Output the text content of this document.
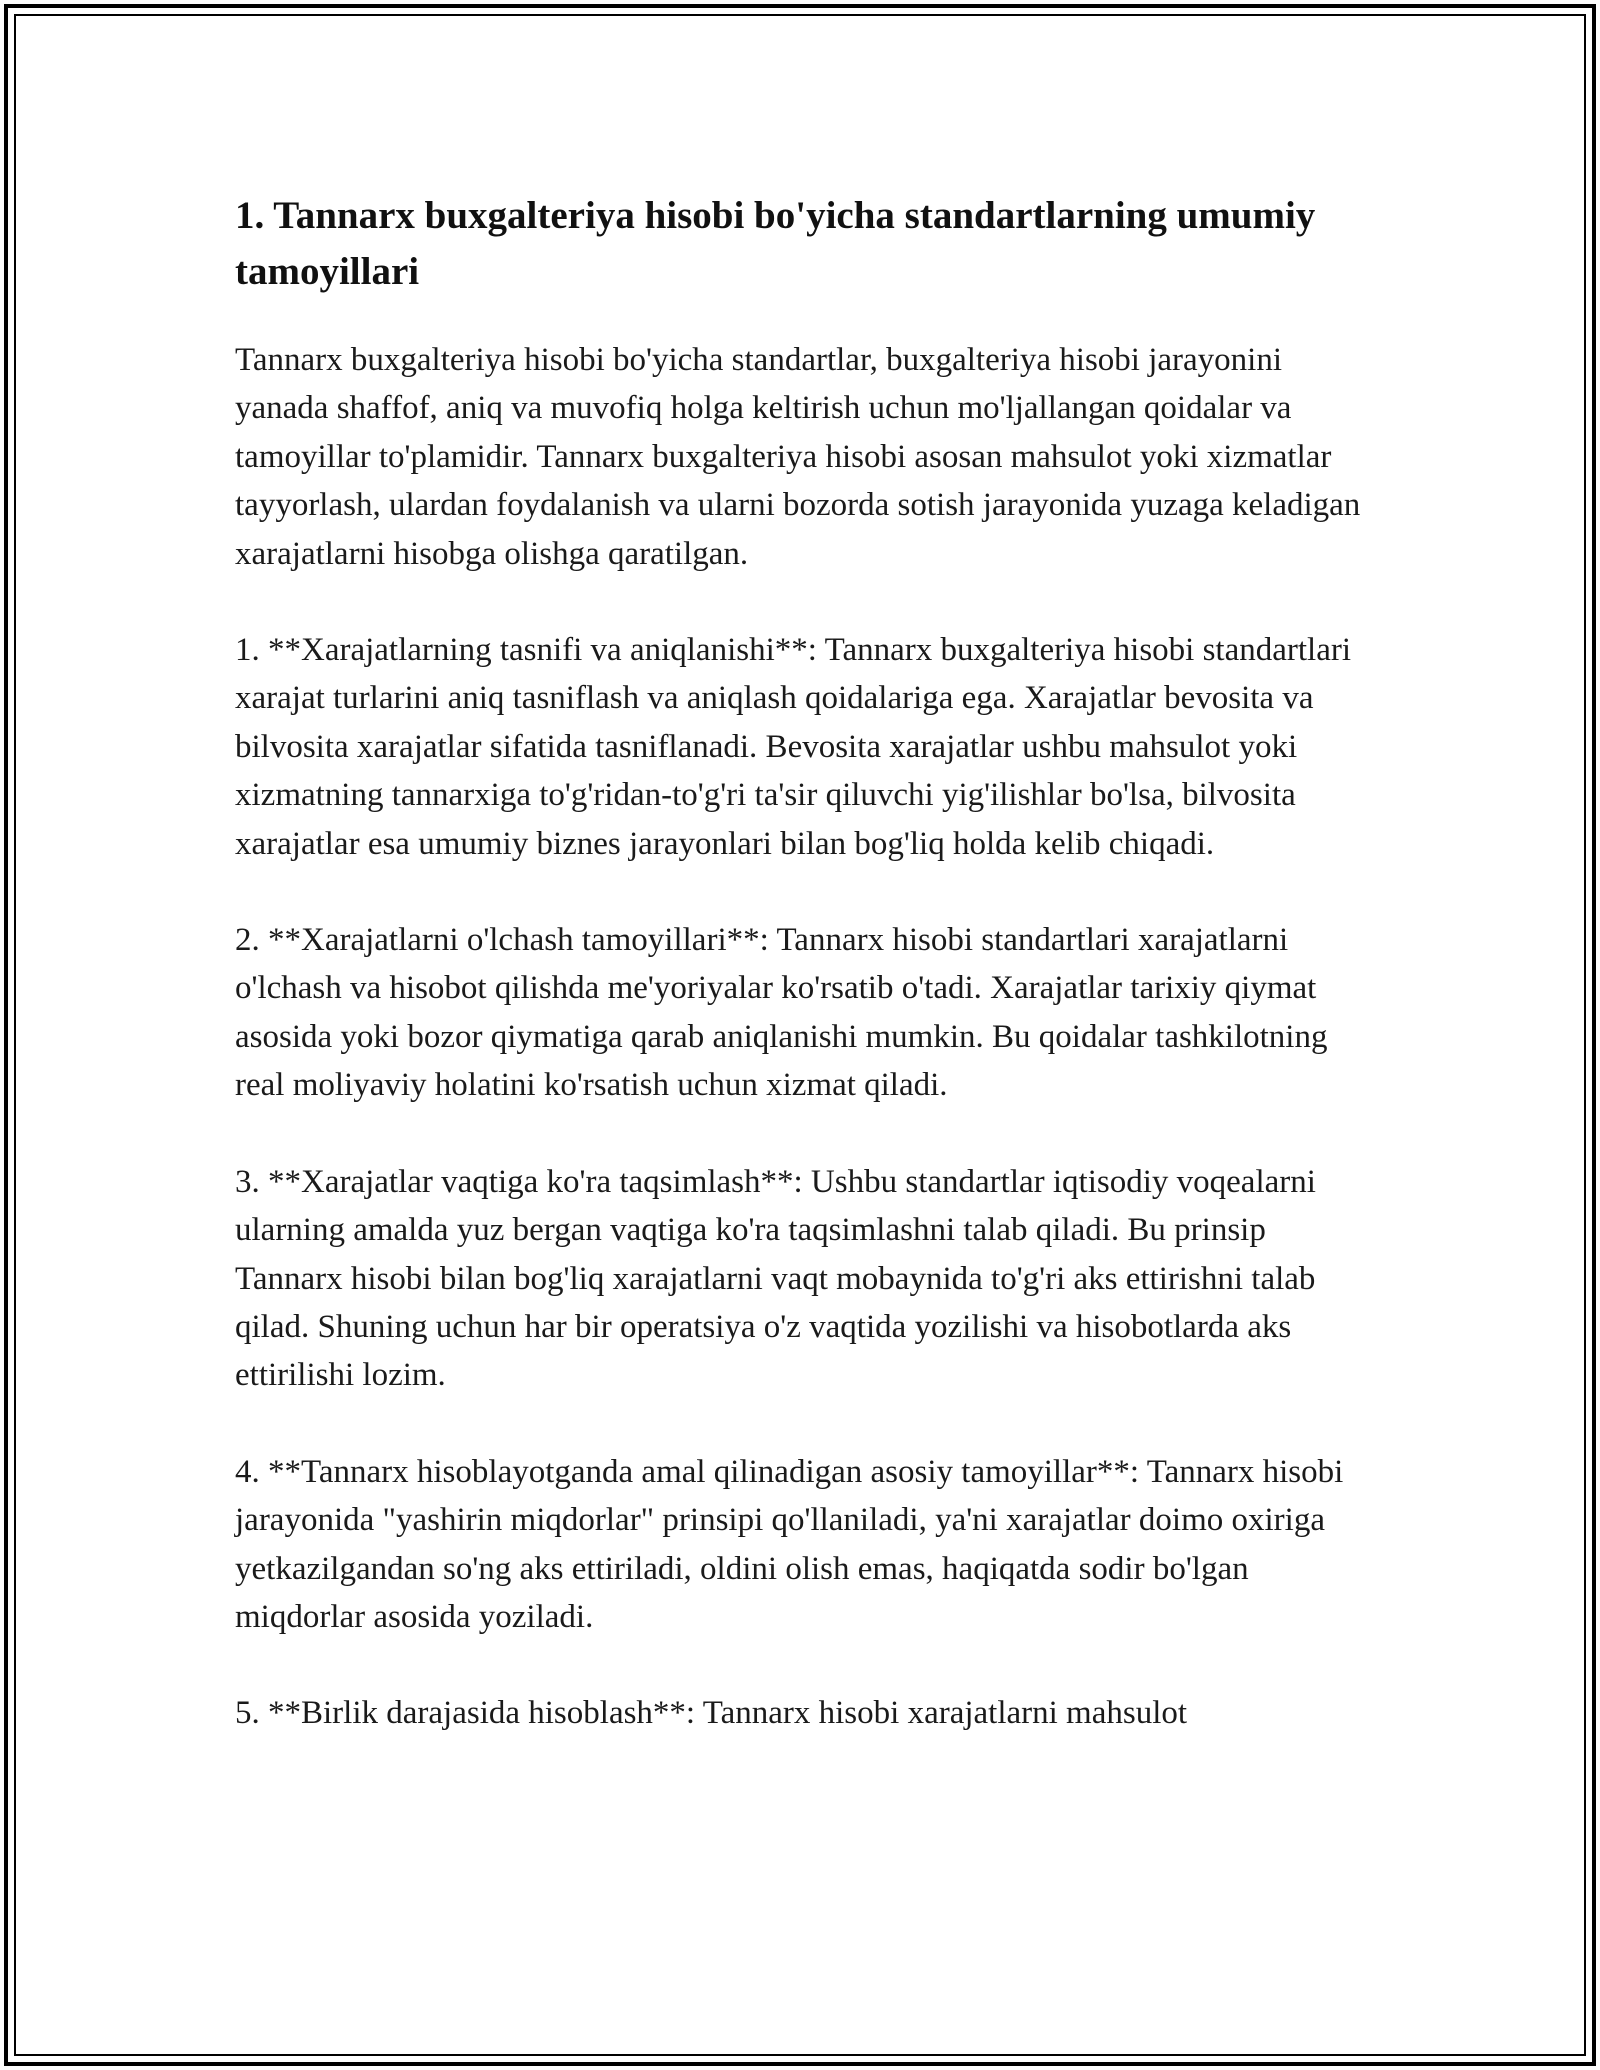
1. Tannarx buxgalteriya hisobi bo'yicha standartlarning umumiy tamoyillari

Tannarx buxgalteriya hisobi bo'yicha standartlar, buxgalteriya hisobi jarayonini yanada shaffof, aniq va muvofiq holga keltirish uchun mo'ljallangan qoidalar va tamoyillar to'plamidir. Tannarx buxgalteriya hisobi asosan mahsulot yoki xizmatlar tayyorlash, ulardan foydalanish va ularni bozorda sotish jarayonida yuzaga keladigan xarajatlarni hisobga olishga qaratilgan.

1. **Xarajatlarning tasnifi va aniqlanishi**: Tannarx buxgalteriya hisobi standartlari xarajat turlarini aniq tasniflash va aniqlash qoidalariga ega. Xarajatlar bevosita va bilvosita xarajatlar sifatida tasniflanadi. Bevosita xarajatlar ushbu mahsulot yoki xizmatning tannarxiga to'g'ridan-to'g'ri ta'sir qiluvchi yig'ilishlar bo'lsa, bilvosita xarajatlar esa umumiy biznes jarayonlari bilan bog'liq holda kelib chiqadi.

2. **Xarajatlarni o'lchash tamoyillari**: Tannarx hisobi standartlari xarajatlarni o'lchash va hisobot qilishda me'yoriyalar ko'rsatib o'tadi. Xarajatlar tarixiy qiymat asosida yoki bozor qiymatiga qarab aniqlanishi mumkin. Bu qoidalar tashkilotning real moliyaviy holatini ko'rsatish uchun xizmat qiladi.

3. **Xarajatlar vaqtiga ko'ra taqsimlash**: Ushbu standartlar iqtisodiy voqealarni ularning amalda yuz bergan vaqtiga ko'ra taqsimlashni talab qiladi. Bu prinsip Tannarx hisobi bilan bog'liq xarajatlarni vaqt mobaynida to'g'ri aks ettirishni talab qilad. Shuning uchun har bir operatsiya o'z vaqtida yozilishi va hisobotlarda aks ettirilishi lozim.

4. **Tannarx hisoblayotganda amal qilinadigan asosiy tamoyillar**: Tannarx hisobi jarayonida "yashirin miqdorlar" prinsipi qo'llaniladi, ya'ni xarajatlar doimo oxiriga yetkazilgandan so'ng aks ettiriladi, oldini olish emas, haqiqatda sodir bo'lgan miqdorlar asosida yoziladi.

5. **Birlik darajasida hisoblash**: Tannarx hisobi xarajatlarni mahsulot
